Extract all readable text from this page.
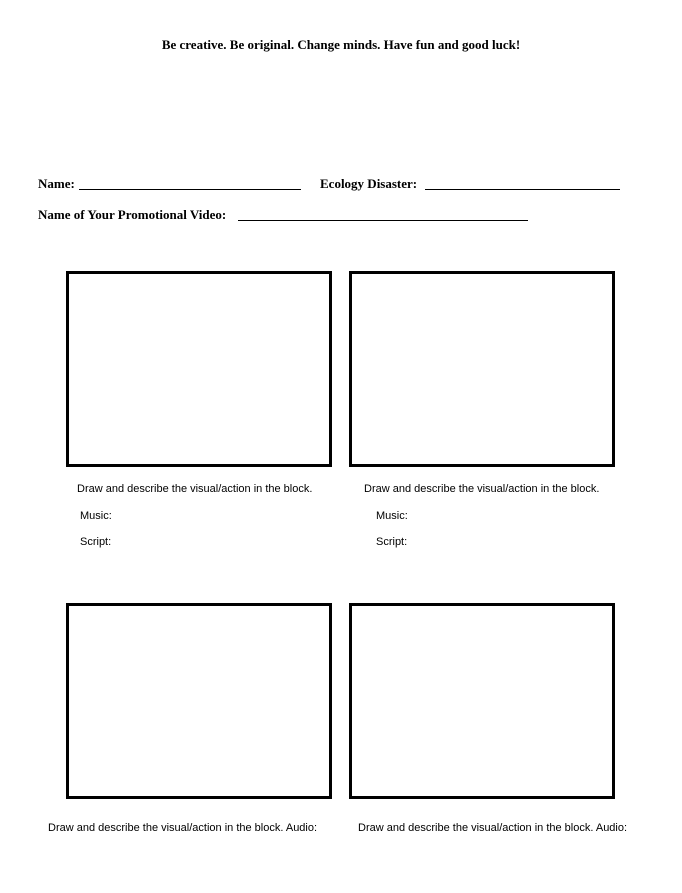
Be creative. Be original. Change minds. Have fun and good luck!
Name:	Ecology Disaster:
Name of Your Promotional Video:
Draw and describe the visual/action in the block.
Music:
Script:
Draw and describe the visual/action in the block.
Music:
Script:
Draw and describe the visual/action in the block. Audio:	Draw and describe the visual/action in the block. Audio:
